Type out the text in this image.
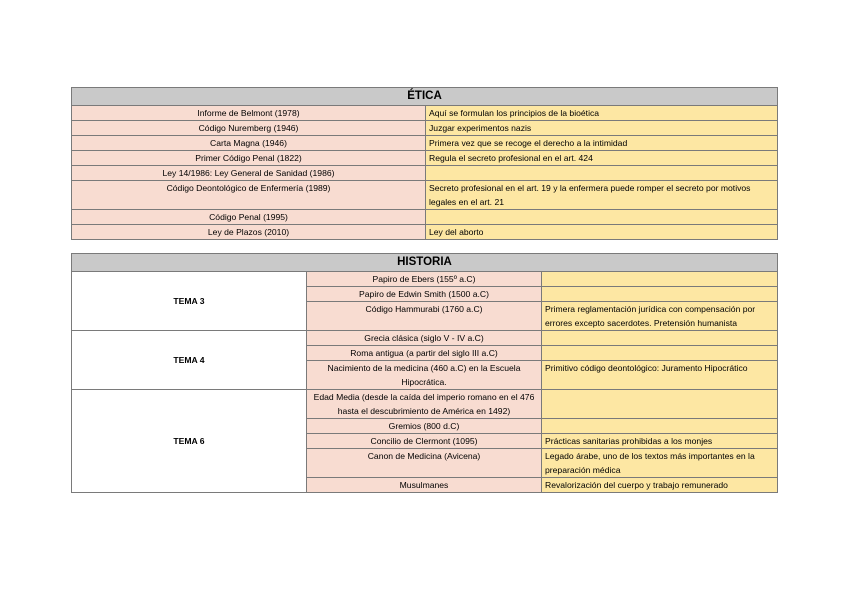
ÉTICA	
Informe de Belmont (1978)	Aquí se formulan los principios de la bioética
Código Nuremberg (1946)	Juzgar experimentos nazis
Carta Magna (1946)	Primera vez que se recoge el derecho a la intimidad
Primer Código Penal (1822)	Regula el secreto profesional en el art. 424
Ley 14/1986: Ley General de Sanidad (1986)	
Código Deontológico de Enfermería (1989)	Secreto profesional en el art. 19 y la enfermera puede romper el secreto por motivos legales en el art. 21
Código Penal (1995)	
Ley de Plazos (2010)	Ley del aborto
HISTORIA		
TEMA 3	Papiro de Ebers (155º a.C)	
	Papiro de Edwin Smith (1500 a.C)	
	Código Hammurabi (1760 a.C)	Primera reglamentación jurídica con compensación por errores excepto sacerdotes. Pretensión humanista
TEMA 4	Grecia clásica (siglo V - IV a.C)	
	Roma antigua (a partir del siglo III a.C)	
	Nacimiento de la medicina (460 a.C) en la Escuela Hipocrática.	Primitivo código deontológico: Juramento Hipocrático
TEMA 6	Edad Media (desde la caída del imperio romano en el 476 hasta el descubrimiento de América en 1492)	
	Gremios (800 d.C)	
	Concilio de Clermont (1095)	Prácticas sanitarias prohibidas a los monjes
	Canon de Medicina (Avicena)	Legado árabe, uno de los textos más importantes en la preparación médica
	Musulmanes	Revalorización del cuerpo y trabajo remunerado
